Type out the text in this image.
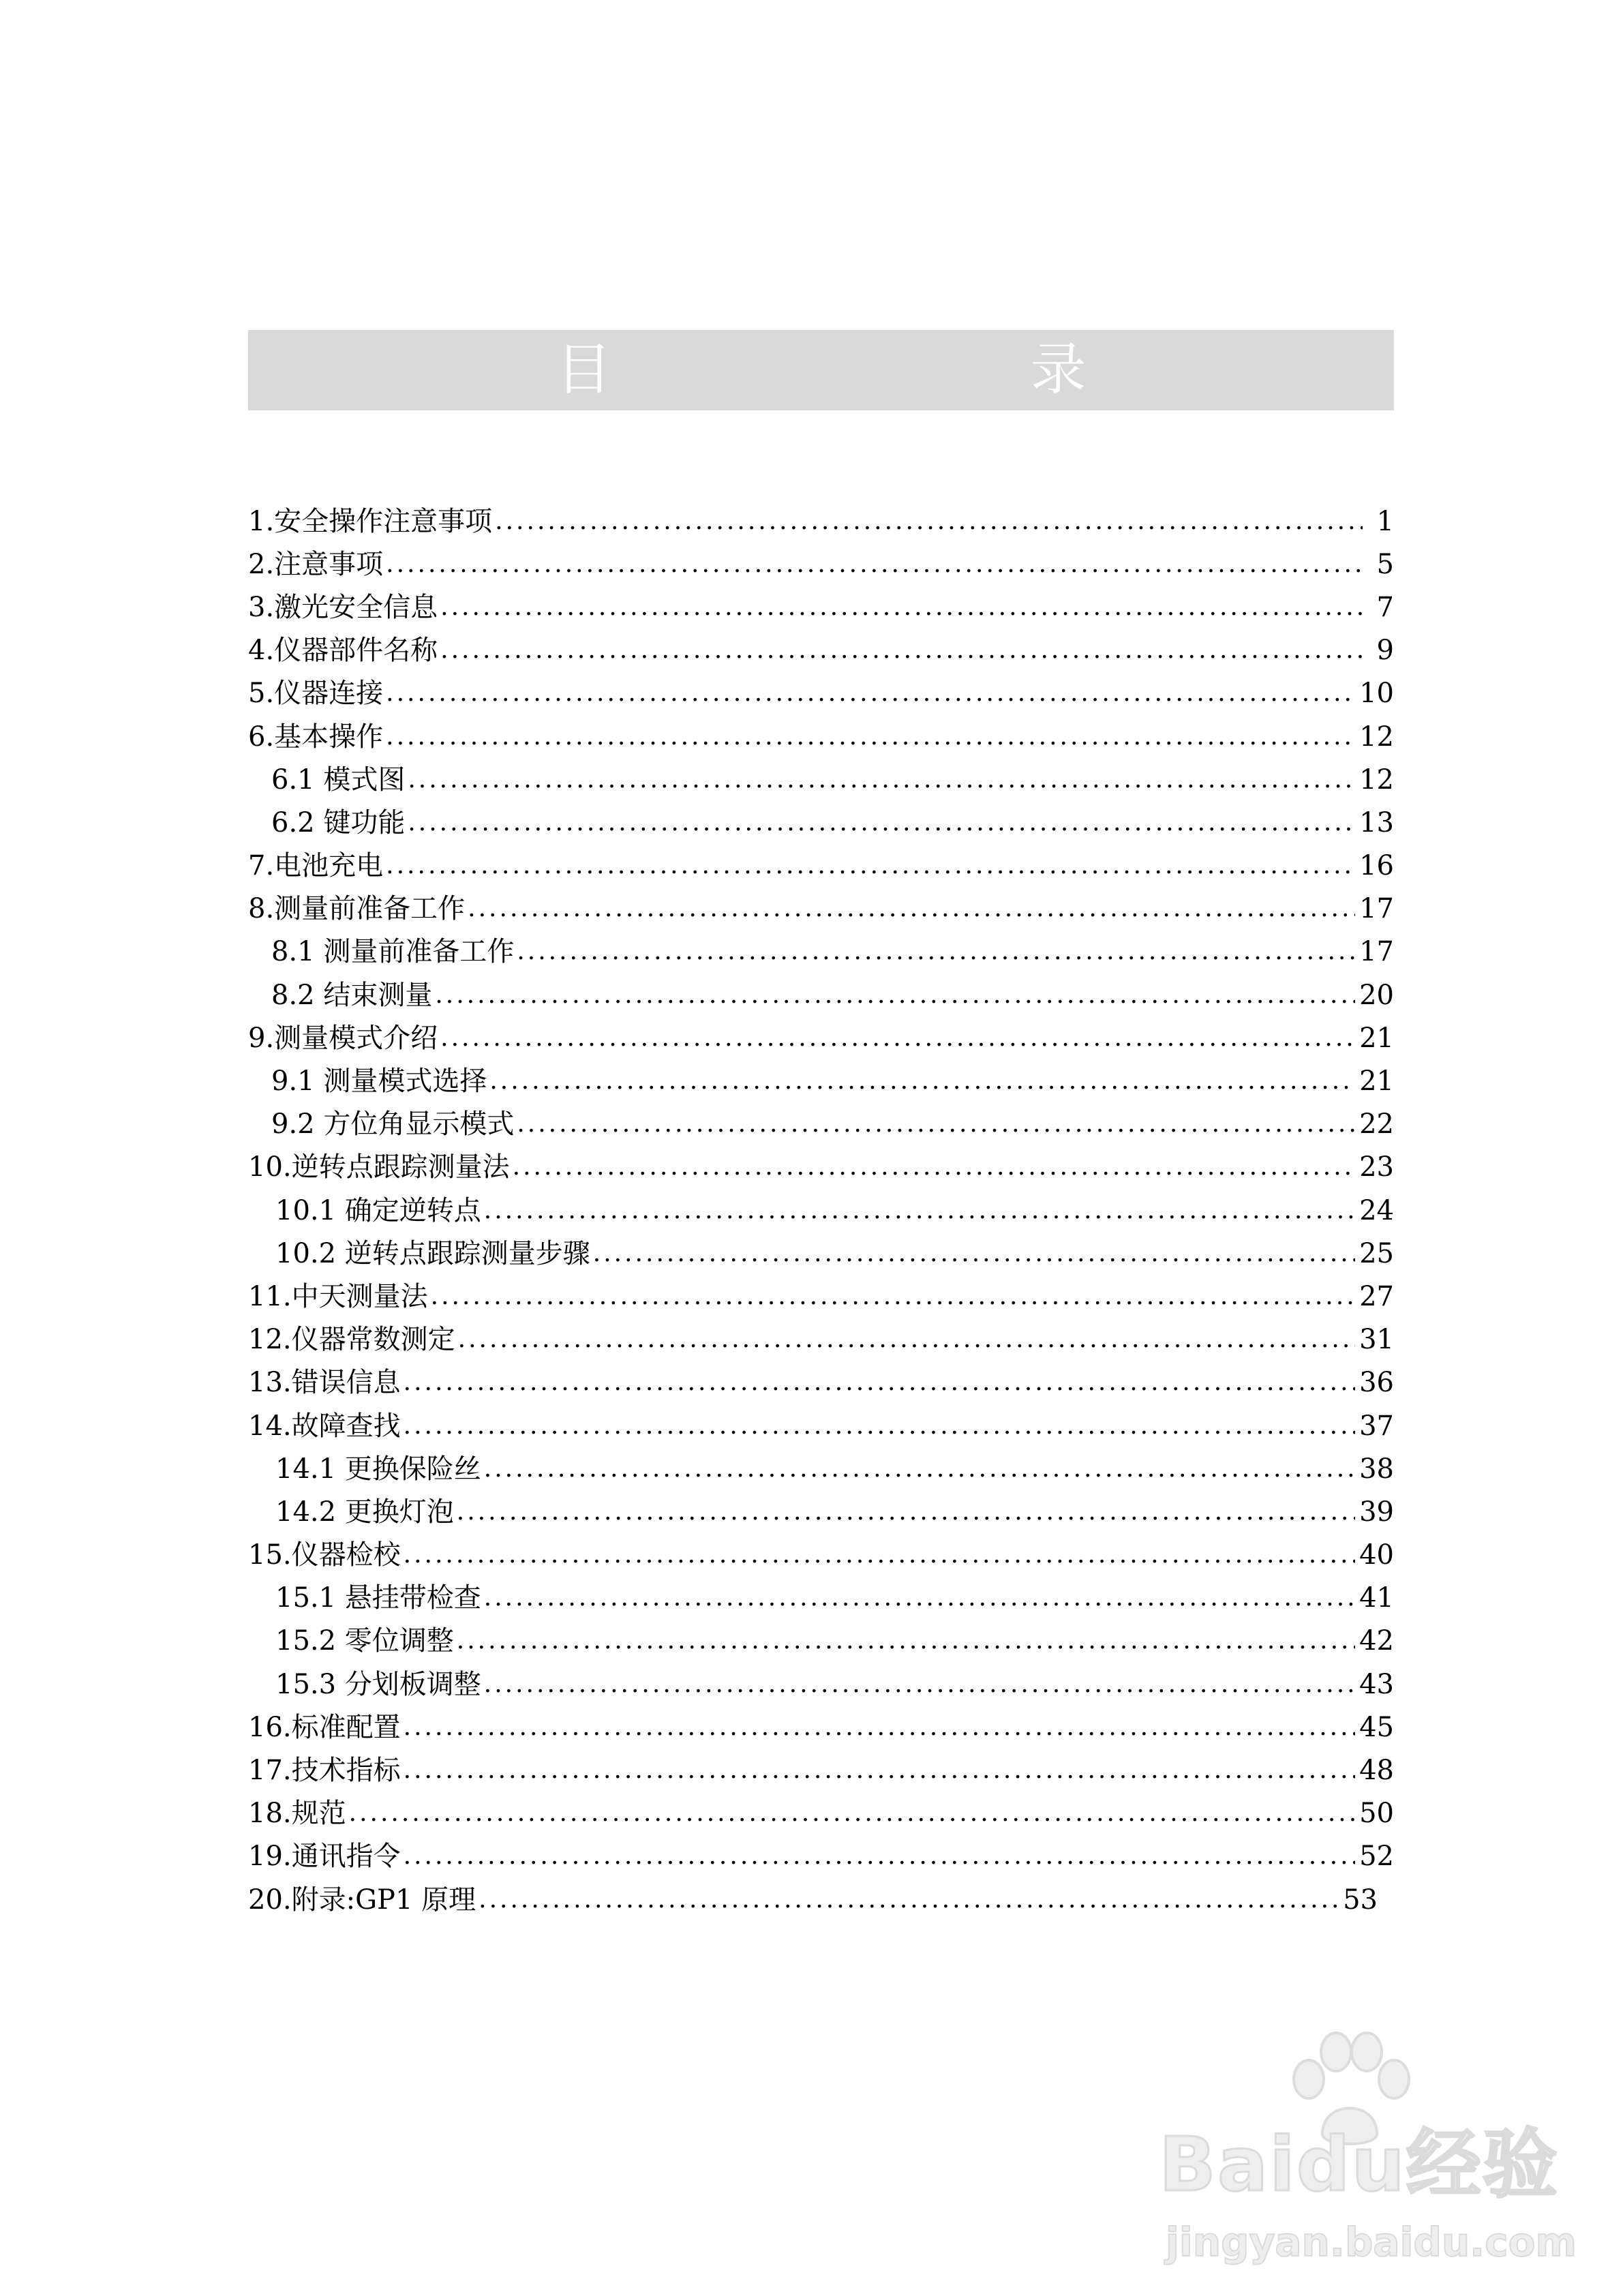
目　　录
1.安全操作注意事项 .....	1
2.注意事项 .....	5
3.激光安全信息 .....	7
4.仪器部件名称 .....	9
5.仪器连接 .....	10
6.基本操作 .....	12
6.1 模式图 .....	12
6.2 键功能 .....	13
7.电池充电 .....	16
8.测量前准备工作 .....	17
8.1 测量前准备工作 .....	17
8.2 结束测量 .....	20
9.测量模式介绍 .....	21
9.1 测量模式选择 .....	21
9.2 方位角显示模式 .....	22
10.逆转点跟踪测量法 .....	23
10.1 确定逆转点 .....	24
10.2 逆转点跟踪测量步骤 .....	25
11.中天测量法 .....	27
12.仪器常数测定 .....	31
13.错误信息 .....	36
14.故障查找 .....	37
14.1 更换保险丝 .....	38
14.2 更换灯泡 .....	39
15.仪器检校 .....	40
15.1 悬挂带检查 .....	41
15.2 零位调整 .....	42
15.3 分划板调整 .....	43
16.标准配置 .....	45
17.技术指标 .....	48
18.规范 .....	50
19.通讯指令 .....	52
20.附录:GP1 原理 .....	53
Baidu经验
jingyan.baidu.com
